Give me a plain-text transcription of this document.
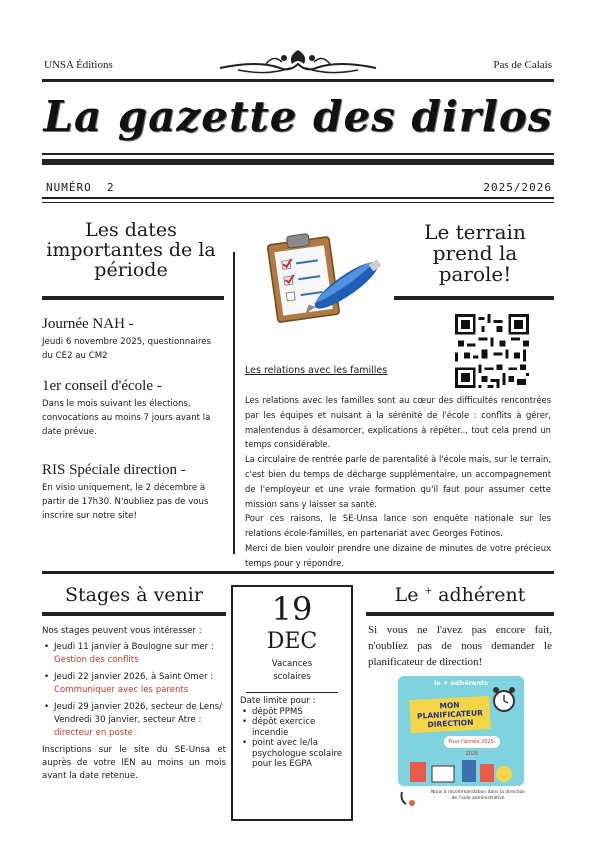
UNSA Éditions	Pas de Calais
La gazette des dirlos
NUMÉRO 2	2025/2026
Les dates importantes de la période
Journée NAH -
Jeudi 6 novembre 2025, questionnaires du CE2 au CM2
1er conseil d'école -
Dans le mois suivant les élections, convocations au moins 7 jours avant la date prévue.
RIS Spéciale direction -
En visio uniquement, le 2 décembre à partir de 17h30. N'oubliez pas de vous inscrire sur notre site!
Le terrain prend la parole!
Les relations avec les familles
Les relations avec les familles sont au cœur des difficultés rencontrées par les équipes et nuisant à la sérénité de l'école : conflits à gérer, malentendus à désamorcer, explications à répéter... tout cela prend un temps considérable.
La circulaire de rentrée parle de parentalité à l'école mais, sur le terrain, c'est bien du temps de décharge supplémentaire, un accompagnement de l'employeur et une vraie formation qu'il faut pour assumer cette mission sans y laisser sa santé.
Pour ces raisons, le SE-Unsa lance son enquête nationale sur les relations école-familles, en partenariat avec Georges Fotinos.
Merci de bien vouloir prendre une dizaine de minutes de votre précieux temps pour y répondre.
Stages à venir
Nos stages peuvent vous intéresser :
• Jeudi 11 janvier à Boulogne sur mer : Gestion des conflits
• Jeudi 22 janvier 2026, à Saint Omer : Communiquer avec les parents
• Jeudi 29 janvier 2026, secteur de Lens/ Vendredi 30 janvier, secteur Atre : directeur en poste
Inscriptions sur le site du SE-Unsa et auprès de votre IEN au moins un mois avant la date retenue.
19
DEC
Vacances scolaires
Date limite pour :
• dépôt PPMS
• dépôt exercice incendie
• point avec le/la psychologue scolaire pour les EGPA
Le + adhérent
Si vous ne l'avez pas encore fait, n'oubliez pas de nous demander le planificateur de direction!
le + adhérents
MON PLANIFICATEUR DIRECTION
Pour l'année 2025-2026
Nous à recommandation dans la direction de l'aide administrative
